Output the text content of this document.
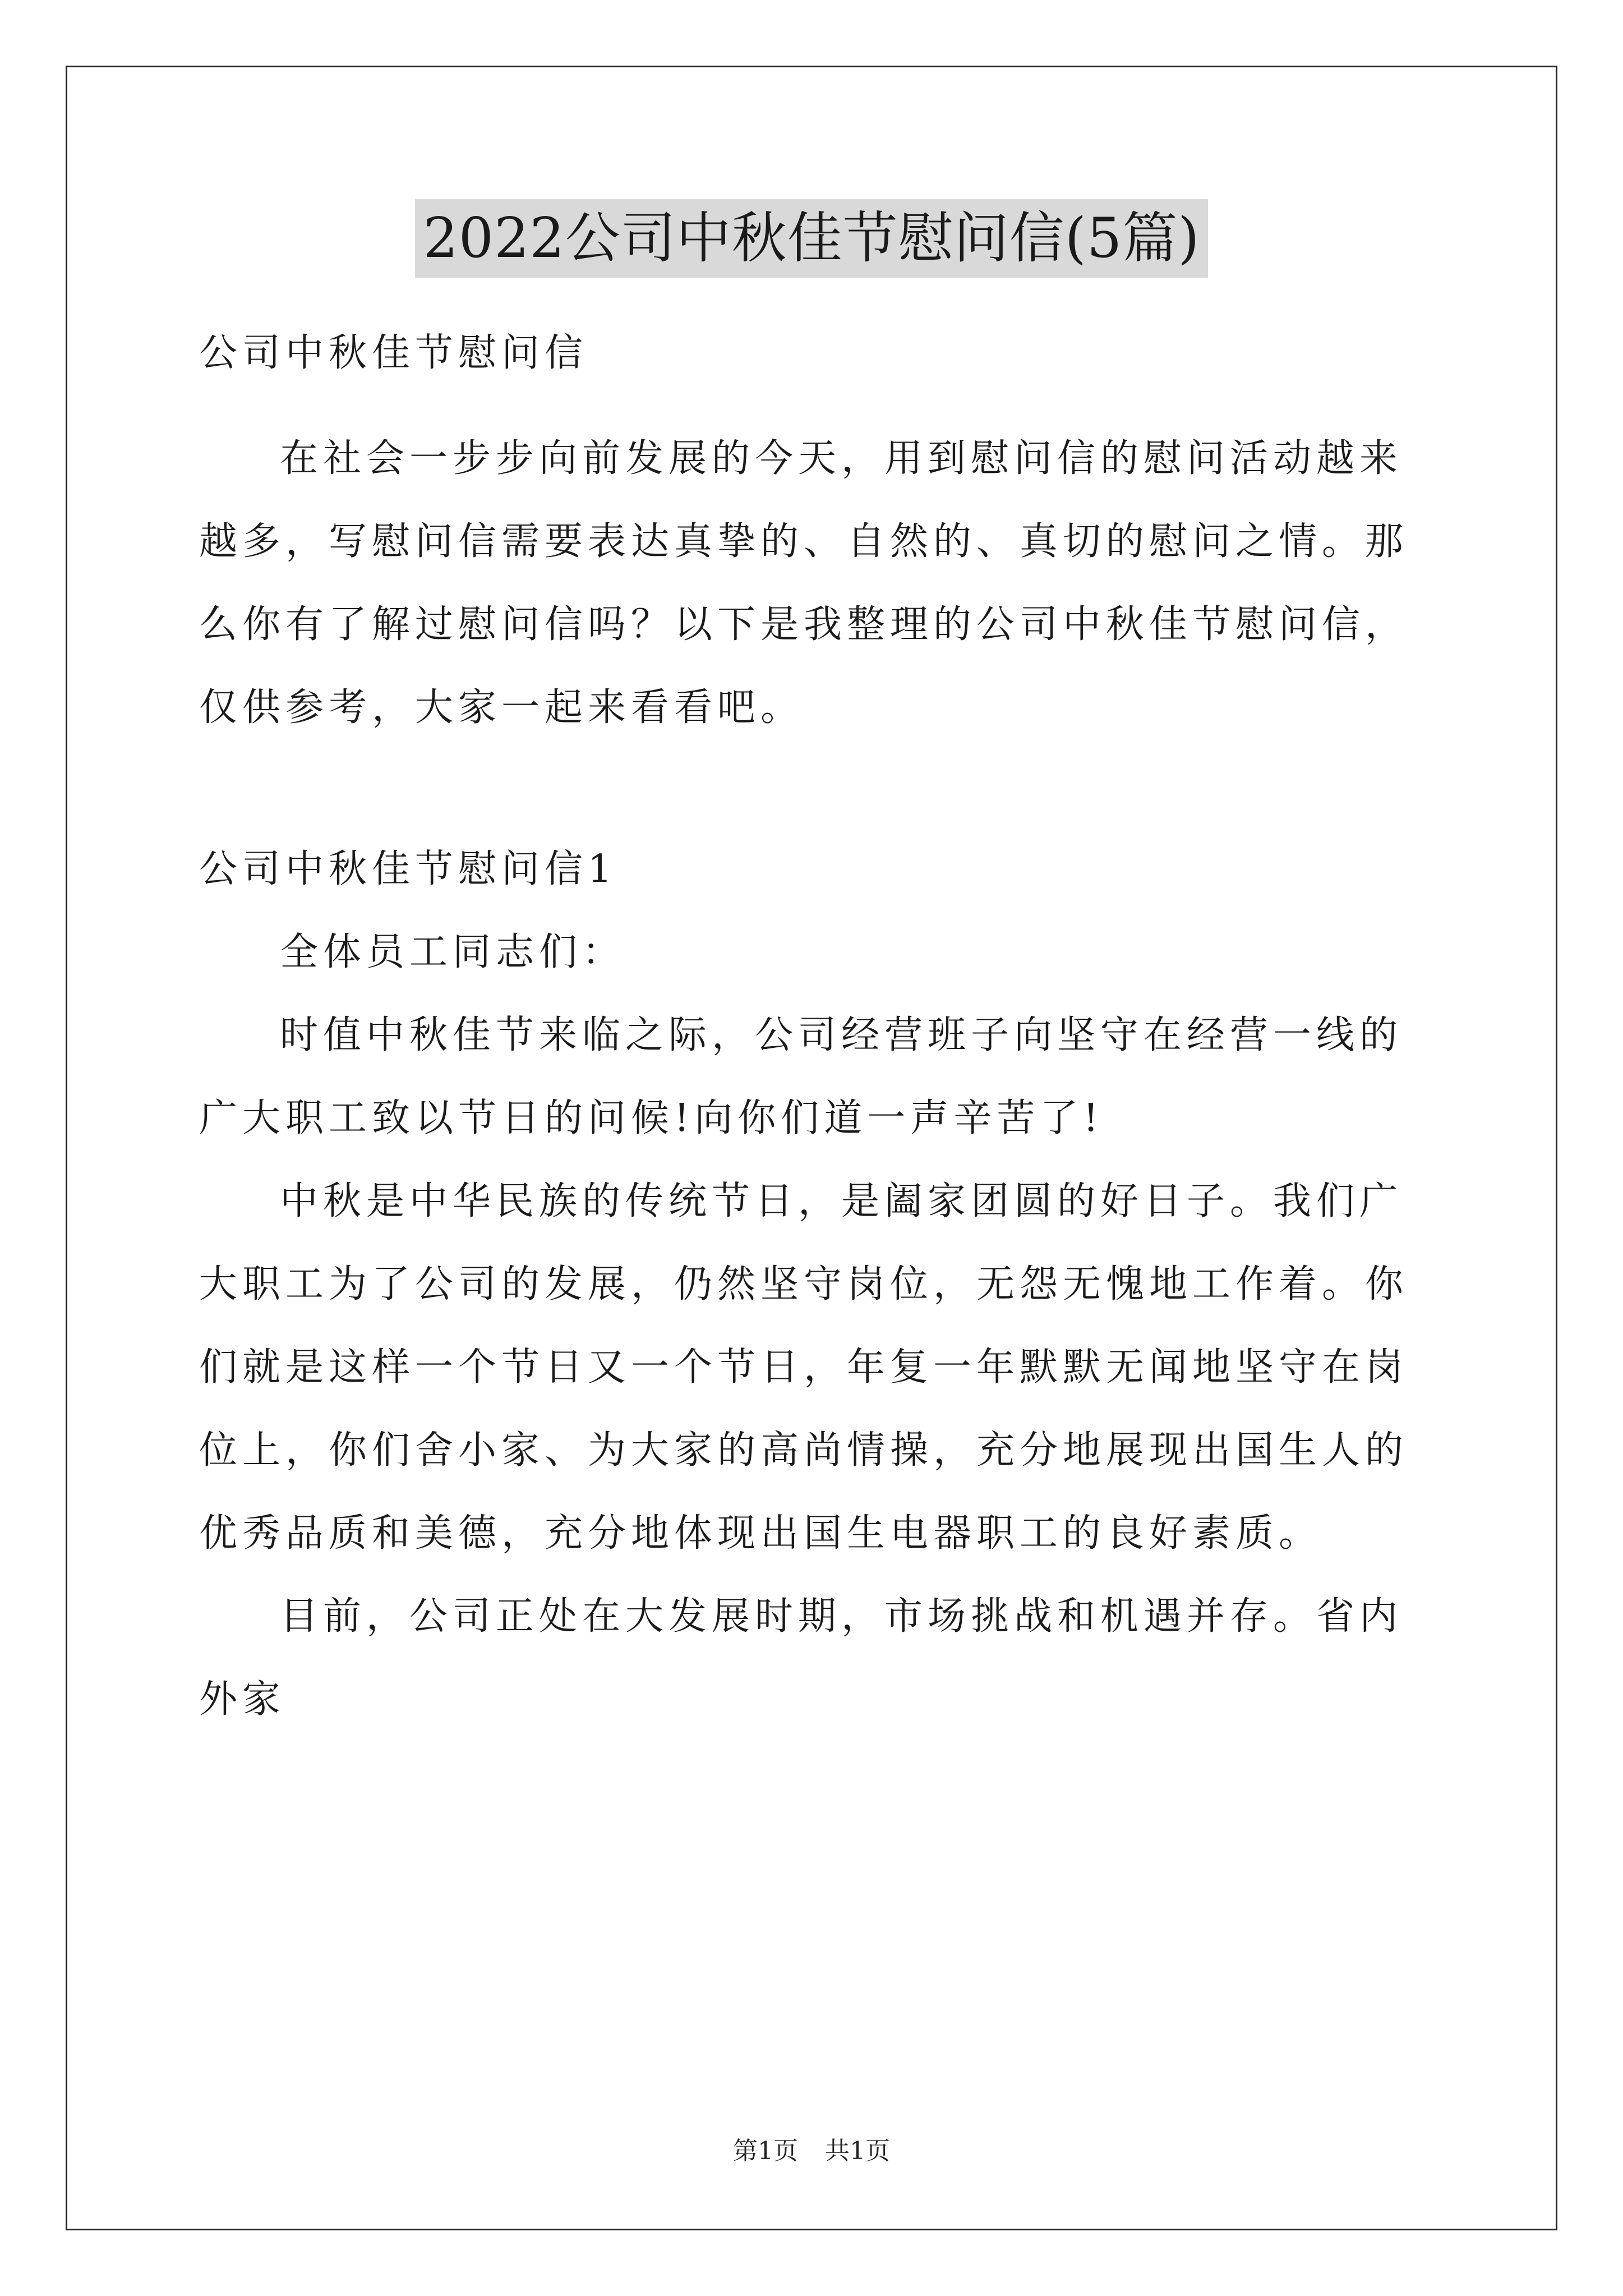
2022公司中秋佳节慰问信(5篇)

公司中秋佳节慰问信

在社会一步步向前发展的今天，用到慰问信的慰问活动越来越多，写慰问信需要表达真挚的、自然的、真切的慰问之情。那么你有了解过慰问信吗？以下是我整理的公司中秋佳节慰问信，仅供参考，大家一起来看看吧。

公司中秋佳节慰问信1

全体员工同志们：

时值中秋佳节来临之际，公司经营班子向坚守在经营一线的广大职工致以节日的问候!向你们道一声辛苦了!

中秋是中华民族的传统节日，是阖家团圆的好日子。我们广大职工为了公司的发展，仍然坚守岗位，无怨无愧地工作着。你们就是这样一个节日又一个节日，年复一年默默无闻地坚守在岗位上，你们舍小家、为大家的高尚情操，充分地展现出国生人的优秀品质和美德，充分地体现出国生电器职工的良好素质。

目前，公司正处在大发展时期，市场挑战和机遇并存。省内外家

第1页 共1页
